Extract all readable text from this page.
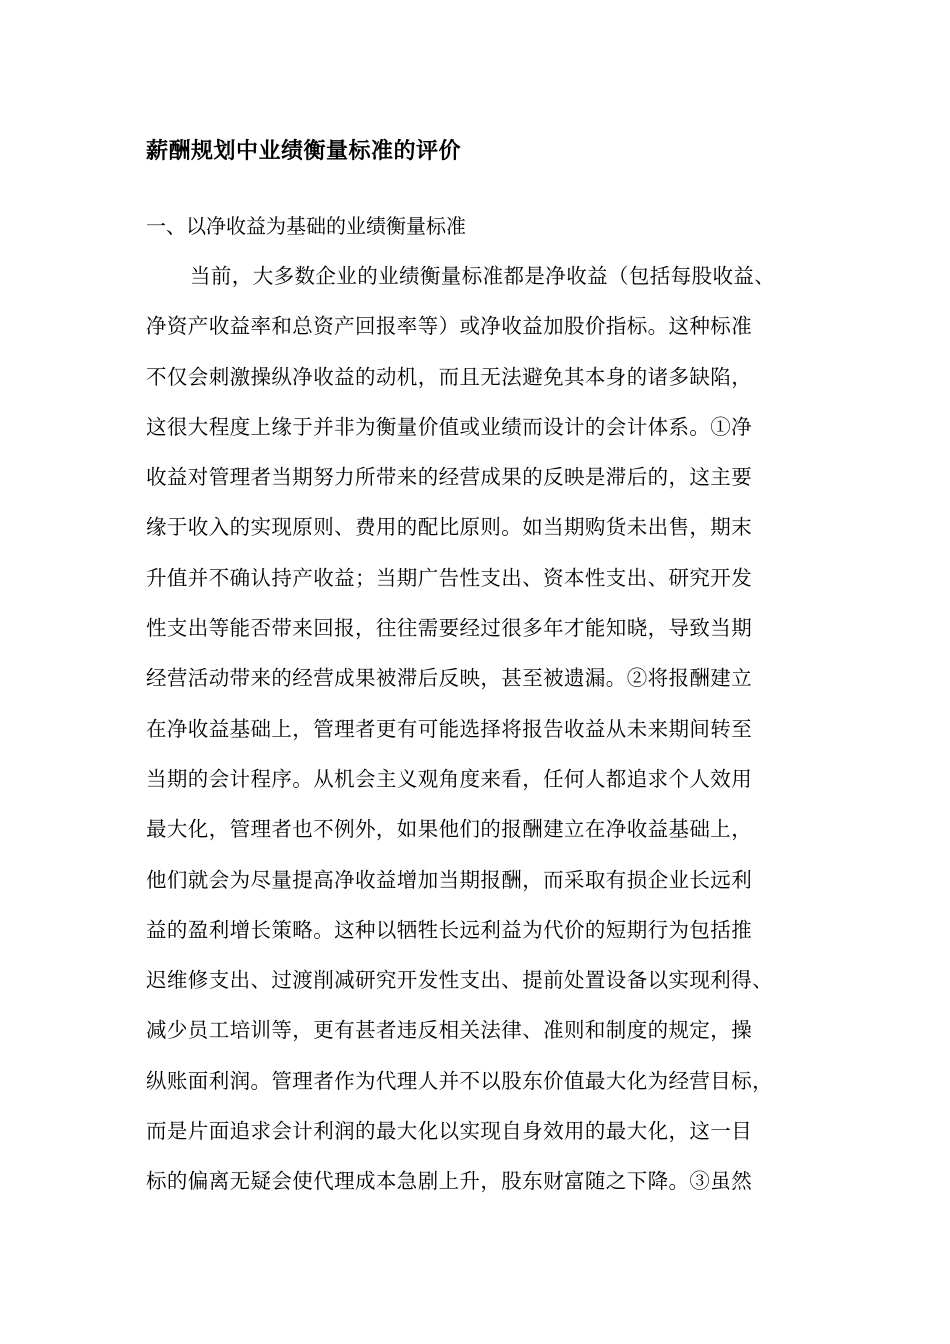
薪酬规划中业绩衡量标准的评价
一、以净收益为基础的业绩衡量标准
当前，大多数企业的业绩衡量标准都是净收益（包括每股收益、
净资产收益率和总资产回报率等）或净收益加股价指标。这种标准
不仅会刺激操纵净收益的动机，而且无法避免其本身的诸多缺陷，
这很大程度上缘于并非为衡量价值或业绩而设计的会计体系。①净
收益对管理者当期努力所带来的经营成果的反映是滞后的，这主要
缘于收入的实现原则、费用的配比原则。如当期购货未出售，期末
升值并不确认持产收益；当期广告性支出、资本性支出、研究开发
性支出等能否带来回报，往往需要经过很多年才能知晓，导致当期
经营活动带来的经营成果被滞后反映，甚至被遗漏。②将报酬建立
在净收益基础上，管理者更有可能选择将报告收益从未来期间转至
当期的会计程序。从机会主义观角度来看，任何人都追求个人效用
最大化，管理者也不例外，如果他们的报酬建立在净收益基础上，
他们就会为尽量提高净收益增加当期报酬，而采取有损企业长远利
益的盈利增长策略。这种以牺牲长远利益为代价的短期行为包括推
迟维修支出、过渡削减研究开发性支出、提前处置设备以实现利得、
减少员工培训等，更有甚者违反相关法律、准则和制度的规定，操
纵账面利润。管理者作为代理人并不以股东价值最大化为经营目标，
而是片面追求会计利润的最大化以实现自身效用的最大化，这一目
标的偏离无疑会使代理成本急剧上升，股东财富随之下降。③虽然
